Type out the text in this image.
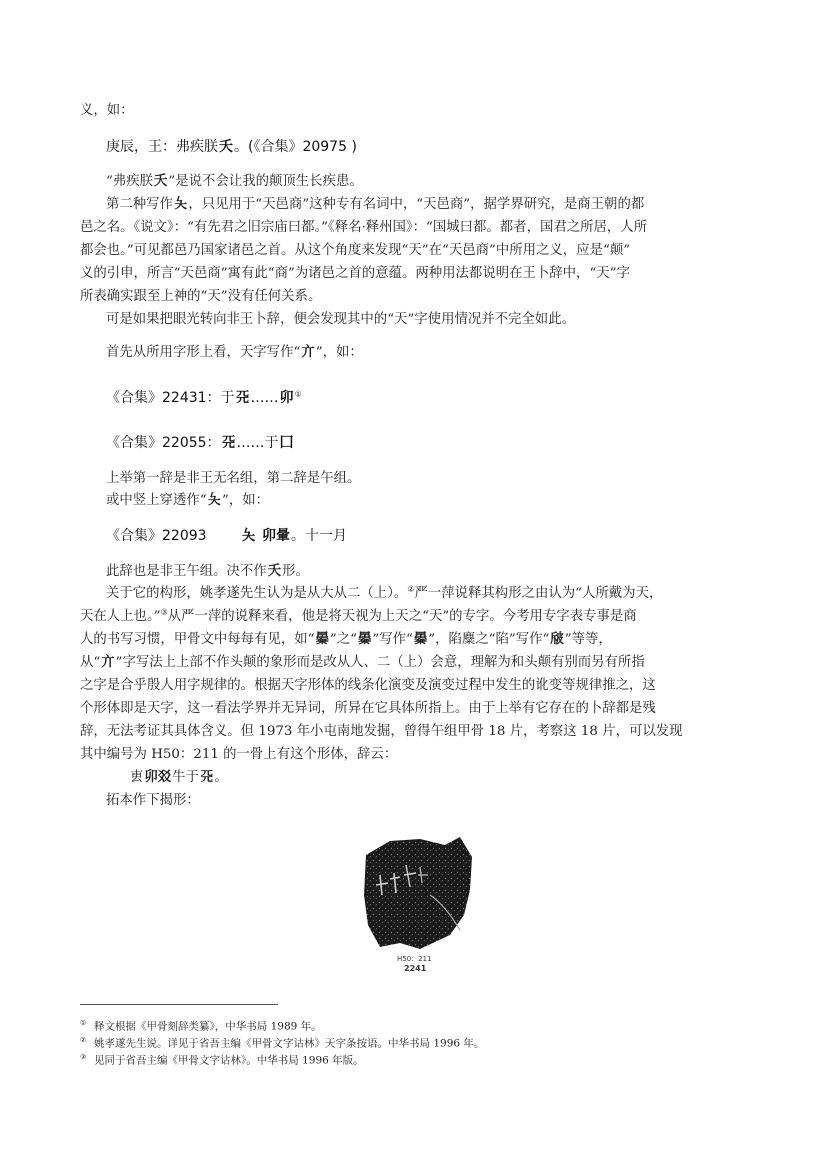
义，如：
庚辰，王：弗疾朕夭。(《合集》20975 )
“弗疾朕夭”是说不会让我的颠顶生长疾患。
第二种写作夨，只见用于“天邑商”这种专有名词中，“天邑商”，据学界研究，是商王朝的都
邑之名。《说文》：“有先君之旧宗庙曰都。”《释名·释州国》：“国城曰都。都者，国君之所居，人所
都会也。”可见都邑乃国家诸邑之首。从这个角度来发现“天”在“天邑商”中所用之义，应是“颠”
义的引申，所言“天邑商”寓有此“商”为诸邑之首的意蕴。两种用法都说明在王卜辞中，“天”字
所表确实跟至上神的“天”没有任何关系。
可是如果把眼光转向非王卜辞，便会发现其中的“天”字使用情况并不完全如此。
首先从所用字形上看，天字写作“亣”，如：
《合集》22431：于𠀘……卯①
《合集》22055：𠀘……于囗
上举第一辞是非王无名组，第二辞是午组。
或中竖上穿透作“夨”，如：
《合集》22093	夨 卯暈。十一月
此辞也是非王午组。决不作夭形。
关于它的构形，姚孝遂先生认为是从大从二（上）。②严一萍说释其构形之由认为“人所戴为天，
天在人上也。”③从严一萍的说释来看，他是将天视为上天之“天”的专字。今考用专字表专事是商
人的书写习惯，甲骨文中每每有见，如“㬥”之“㬥”写作“㬥”，陷麋之“陷”写作“㿭”等等，
从“亣”字写法上上部不作头颠的象形而是改从人、二（上）会意，理解为和头颠有别而另有所指
之字是合乎殷人用字规律的。根据天字形体的线条化演变及演变过程中发生的讹变等规律推之，这
个形体即是天字，这一看法学界并无异词，所异在它具体所指上。由于上举有它存在的卜辞都是残
辞，无法考证其具体含义。但 1973 年小屯南地发掘，曾得午组甲骨 18 片，考察这 18 片，可以发现
其中编号为 H50：211 的一骨上有这个形体，辞云：
叀卯㸚牛于𠀘。
拓本作下揭形：
H50：211
2241
① 释文根据《甲骨刻辞类纂》，中华书局 1989 年。
② 姚孝遂先生说。详见于省吾主编《甲骨文字诂林》天字条按语。中华书局 1996 年。
③ 见同于省吾主编《甲骨文字诂林》。中华书局 1996 年版。
